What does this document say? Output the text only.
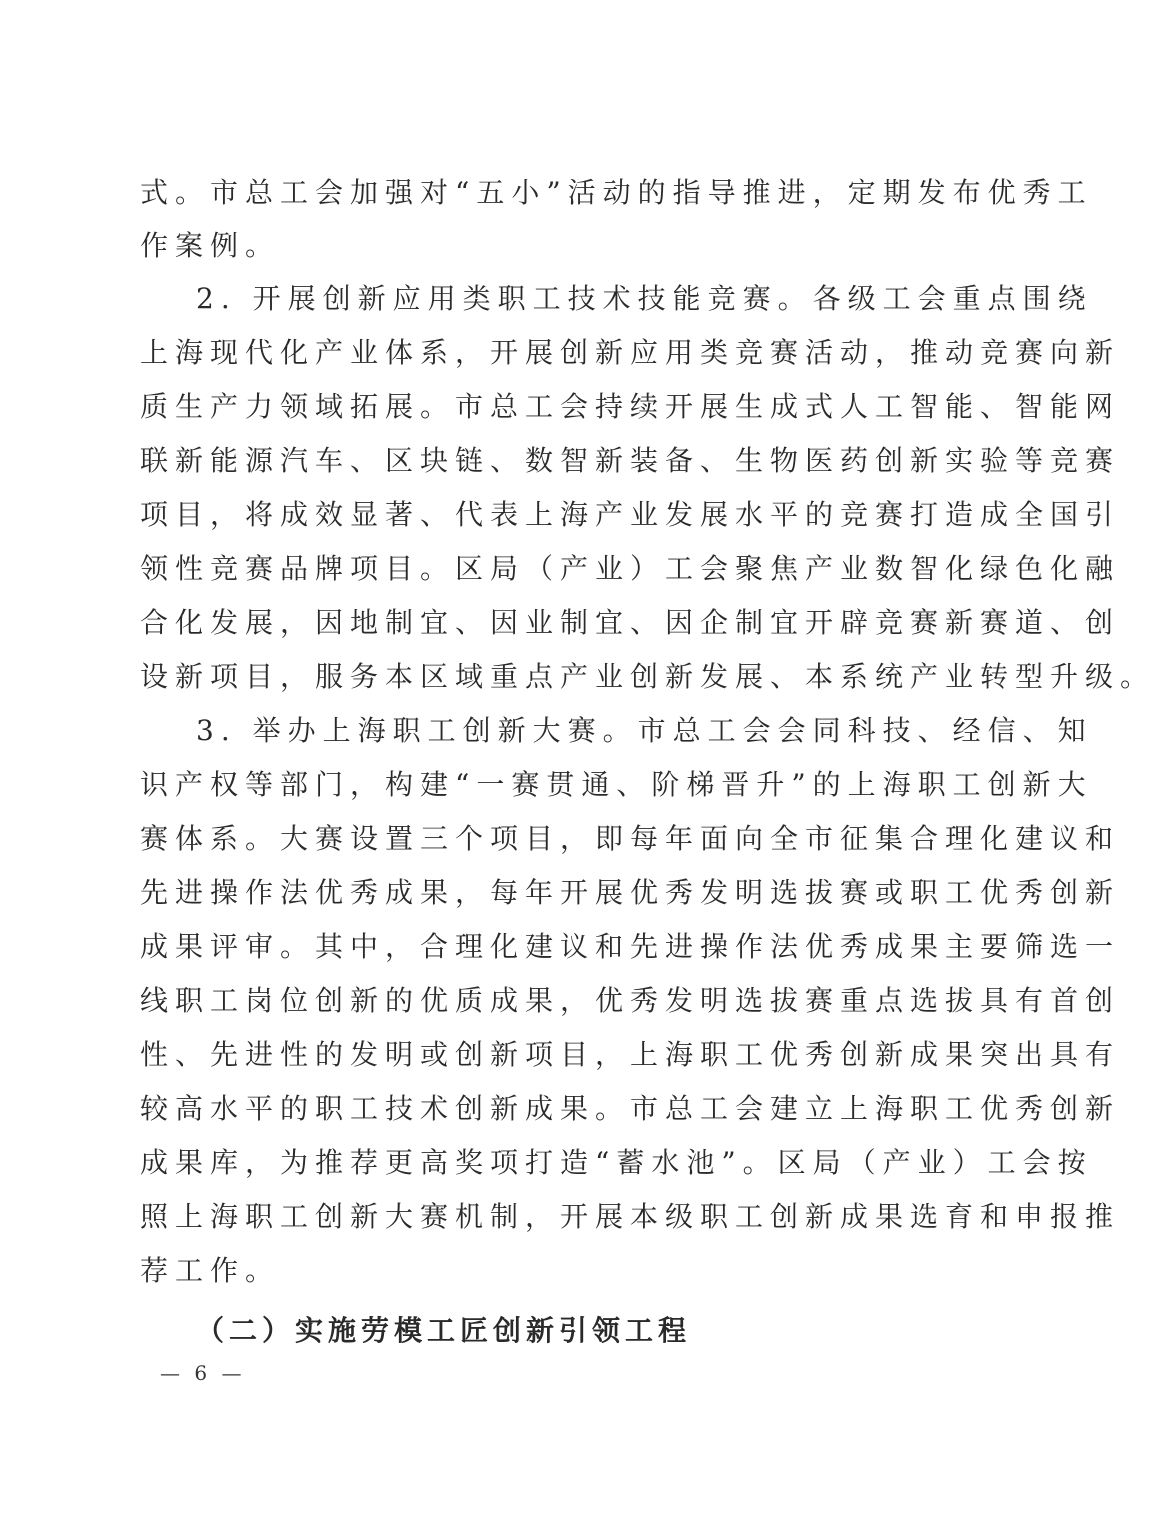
式。市总工会加强对“五小”活动的指导推进，定期发布优秀工
作案例。
2. 开展创新应用类职工技术技能竞赛。各级工会重点围绕
上海现代化产业体系，开展创新应用类竞赛活动，推动竞赛向新
质生产力领域拓展。市总工会持续开展生成式人工智能、智能网
联新能源汽车、区块链、数智新装备、生物医药创新实验等竞赛
项目，将成效显著、代表上海产业发展水平的竞赛打造成全国引
领性竞赛品牌项目。区局（产业）工会聚焦产业数智化绿色化融
合化发展，因地制宜、因业制宜、因企制宜开辟竞赛新赛道、创
设新项目，服务本区域重点产业创新发展、本系统产业转型升级。
3. 举办上海职工创新大赛。市总工会会同科技、经信、知
识产权等部门，构建“一赛贯通、阶梯晋升”的上海职工创新大
赛体系。大赛设置三个项目，即每年面向全市征集合理化建议和
先进操作法优秀成果，每年开展优秀发明选拔赛或职工优秀创新
成果评审。其中，合理化建议和先进操作法优秀成果主要筛选一
线职工岗位创新的优质成果，优秀发明选拔赛重点选拔具有首创
性、先进性的发明或创新项目，上海职工优秀创新成果突出具有
较高水平的职工技术创新成果。市总工会建立上海职工优秀创新
成果库，为推荐更高奖项打造“蓄水池”。区局（产业）工会按
照上海职工创新大赛机制，开展本级职工创新成果选育和申报推
荐工作。
（二）实施劳模工匠创新引领工程
— 6 —
